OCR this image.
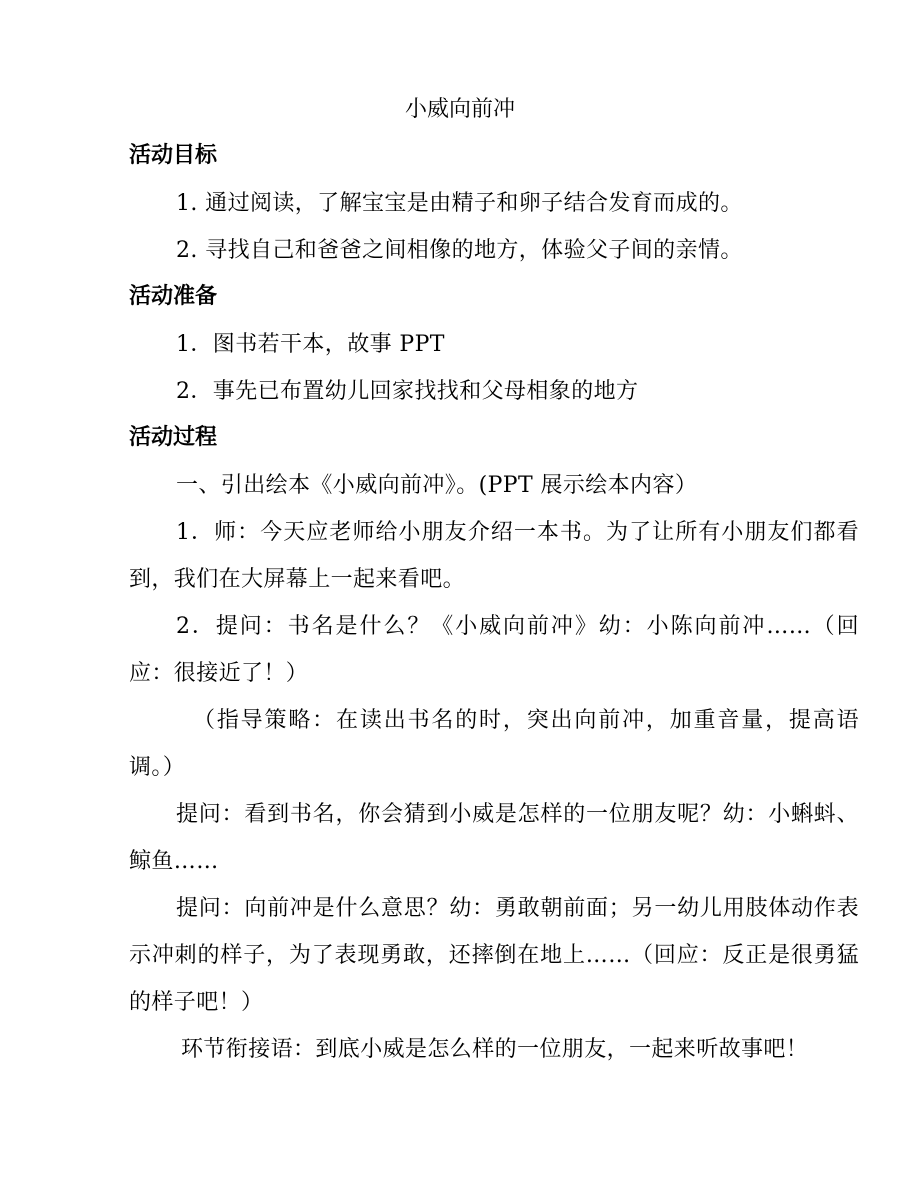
小威向前冲
活动目标
1. 通过阅读，了解宝宝是由精子和卵子结合发育而成的。
2. 寻找自己和爸爸之间相像的地方，体验父子间的亲情。
活动准备
1．图书若干本，故事 PPT
2．事先已布置幼儿回家找找和父母相象的地方
活动过程
一、引出绘本《小威向前冲》。(PPT 展示绘本内容）
1．师：今天应老师给小朋友介绍一本书。为了让所有小朋友们都看到，我们在大屏幕上一起来看吧。
2．提问：书名是什么？《小威向前冲》幼：小陈向前冲……（回应：很接近了！）
（指导策略：在读出书名的时，突出向前冲，加重音量，提高语调。）
提问：看到书名，你会猜到小威是怎样的一位朋友呢？幼：小蝌蚪、鲸鱼……
提问：向前冲是什么意思？幼：勇敢朝前面；另一幼儿用肢体动作表示冲刺的样子，为了表现勇敢，还摔倒在地上……（回应：反正是很勇猛的样子吧！）
环节衔接语：到底小威是怎么样的一位朋友，一起来听故事吧！
